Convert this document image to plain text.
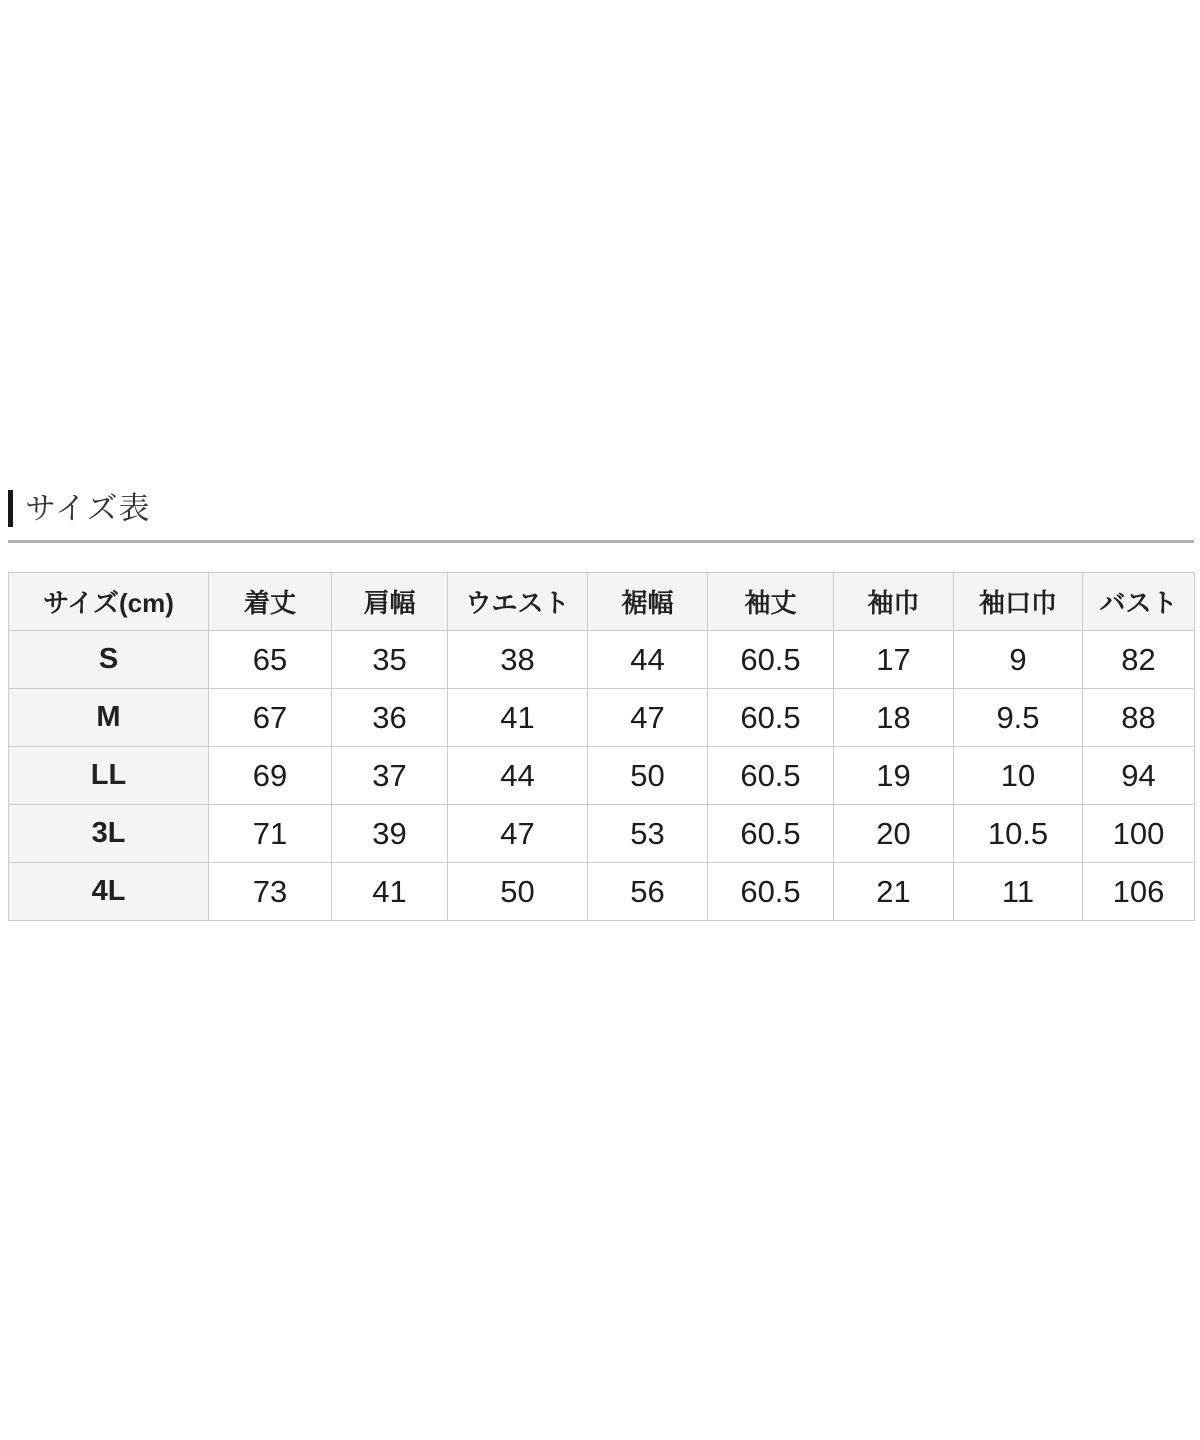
サイズ表
サイズ(cm)	着丈	肩幅	ウエスト	裾幅	袖丈	袖巾	袖口巾	バスト
S	65	35	38	44	60.5	17	9	82
M	67	36	41	47	60.5	18	9.5	88
LL	69	37	44	50	60.5	19	10	94
3L	71	39	47	53	60.5	20	10.5	100
4L	73	41	50	56	60.5	21	11	106
